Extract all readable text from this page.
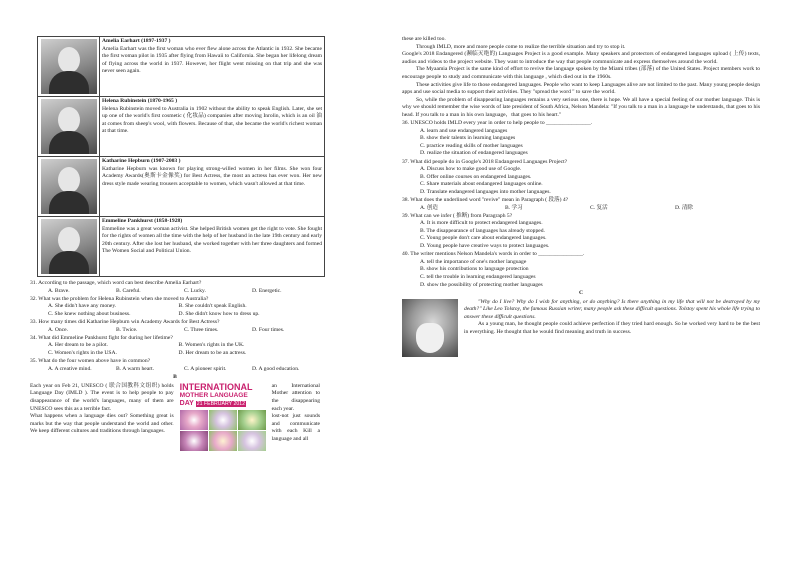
	Amelia Earhart (1897-1937 )

Amelia Earhart was the first woman who ever flew alone across the Atlantic in 1932. She became the first woman pilot in 1935 after flying from Hawaii to California. She began her lifelong dream of flying across the world in 1937. However, her flight went missing on that trip and she was never seen again.

	Helena Rubinstein (1870-1965 )

Helena Rubinstein moved to Australia in 1902 without the ability to speak English. Later, she set up one of the world's first cosmetic ( 化妆品) companies after moving Inrolin, which is an oil 油 at comes from sheep's wool, with flowers. Because of that, she became the world's richest woman at that time.

	Katharine Hepburn (1907-2003 )

Katharine Hepburn was known for playing strong-willed women in her films. She won four Academy Awards(奥斯卡金像奖) for Best Actress, the most an actress has ever won. Her new dress style made wearing trousers acceptable to women, which wasn't allowed at that time.

	Emmeline Pankhurst (1858-1928)

Emmeline was a great woman activist. She helped British women get the right to vote. She fought for the rights of women all the time with the help of her husband in the late 19th century and early 20th century. After she lost her husband, she worked together with her three daughters and formed The Women Social and Political Union.

31. According to the passage, which word can best describe Amelia Earhart?
A. Brave.	B. Careful.	C. Lucky.	D. Energetic.
32. What was the problem for Helena Rubinstein when she moved to Australia?
A. She didn't have any money.	B. She couldn't speak English.
C. She knew nothing about business.	D. She didn't know how to dress up.
33. How many times did Katharine Hepburn win Academy Awards for Best Actress?
A. Once.	B. Twice.	C. Three times.	D. Four times.
34. What did Emmeline Pankhurst fight for during her lifetime?
A. Her dream to be a pilot.	B. Women's rights in the UK.
C. Women's rights in the USA.	D. Her dream to be an actress.
35. What do the four women above have in common?
A. A creative mind.	B. A warm heart.	C. A pioneer spirit.	D. A good education.
B

Each year on Feb 21, UNESCO ( 联合国教科文组织) holds Language Day (IMLD ). The event is to help people to pay disappearance of the world's languages, many of them are UNESCO sees this as a terrible fact.

What happens when a language dies out? Something great is marks but the way that people understand the world and other. We keep different cultures and traditions through languages.

INTERNATIONAL
MOTHER LANGUAGE
DAY 21 FEBRUARY 2012

an International Mother attention to the disappearing each year.

lost-not just sounds and communicate with each Kill a language and all

these are killed too.

Through IMLD, more and more people come to realize the terrible situation and try to stop it.

Google's 2018 Endangered (濒临灭绝的) Languages Project is a good example. Many speakers and protectors of endangered languages upload ( 上传) texts, audios and videos to the project website. They want to introduce the way that people communicate and express themselves around the world.

The Myaamia Project is the same kind of effort to revive the language spoken by the Miami tribes (部落) of the United States. Project members work to encourage people to study and communicate with this language , which died out in the 1960s.

These activities give life to those endangered languages. People who want to keep Languages alive are not limited to the past. Many young people design apps and use social media to support their activities. They "spread the word " to save the world.

So, while the problem of disappearing languages remains a very serious one, there is hope. We all have a special feeling of our mother language. This is why we should remember the wise words of late president of South Africa, Nelson Mandela: "If you talk to a man in a language he understands, that goes to his head. If you talk to a man in his own language，that goes to his heart."

36. UNESCO holds IMLD every year in order to help people to ________________.
A. learn and use endangered languages
B. show their talents in learning languages
C. practice reading skills of mother languages
D. realize the situation of endangered languages
37. What did people do in Google's 2018 Endangered Languages Project?
A. Discuss how to make good use of Google.
B. Offer online courses on endangered languages.
C. Share materials about endangered languages online.
D. Translate endangered languages into mother languages.
38. What does the underlined word "revive" mean in Paragraph ( 段落) 4?
A. 创造	B. 学习	C. 复活	D. 清除
39. What can we infer ( 推断) from Paragraph 5?
A. It is more difficult to protect endangered languages.
B. The disappearance of languages has already stopped.
C. Young people don't care about endangered languages.
D. Young people have creative ways to protect languages.
40. The writer mentions Nelson Mandela's words in order to ________________.
A. tell the importance of one's mother language
B. show his contributions to language protection
C. tell the trouble in learning endangered languages
D. show the possibility of protecting mother languages
C

"Why do I live? Why do I wish for anything, or do anything? Is there anything in my life that will not be destroyed by my death?" Like Leo Tolstoy, the famous Russian writer, many people ask these difficult questions. Tolstoy spent his whole life trying to answer these difficult questions.

As a young man, he thought people could achieve perfection if they tried hard enough. So he worked very hard to be the best in everything. He thought that he would find meaning and truth in success.
